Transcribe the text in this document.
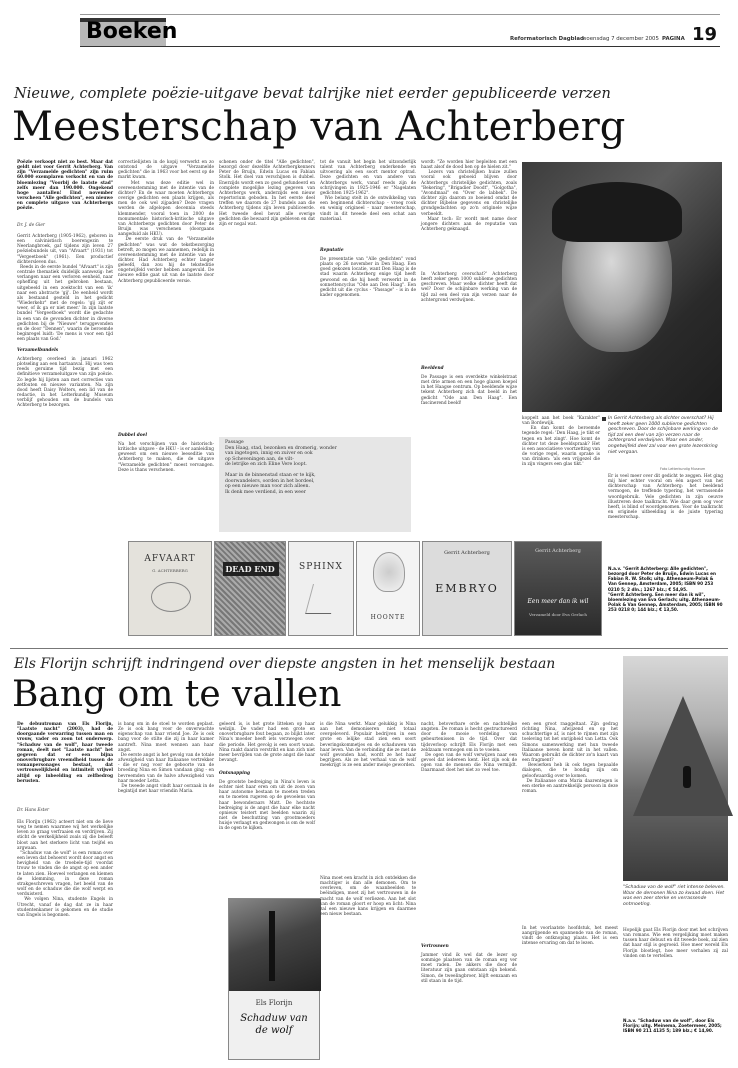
Boeken	Reformatorisch Dagblad
woensdag 7 december 2005 PAGINA 19
Nieuwe, complete poëzie-uitgave bevat talrijke niet eerder gepubliceerde verzen
Meesterschap van Achterberg
Poëzie verkoopt niet zo best. Maar dat geldt niet voor Gerrit Achterberg. Van zijn "Verzamelde gedichten" zijn ruim 60.000 exemplaren verkocht en van de bloemlezing "Voorbij de laatste stad" zelfs meer dan 190.000. Ongekend hoge aantallen! Eind november verscheen "Alle gedichten", een nieuwe en complete uitgave van Achterbergs poëzie.
Dr. J. de Gier
Gerrit Achterberg (1905-1962), geboren in een calvinistisch boerengezin te Neerlangbroek, gaf tijdens zijn leven 27 poëziebundels uit, van "Afvaart" (1931) tot "Vergeetboek" (1961). Een productief dichtersleven dus.
Reeds in de eerste bundel "Afvaart" is zijn centrale thematiek duidelijk aanwezig: het verlangen naar een verloren eenheid, naar opheffing uit het gebroken bestaan, uitgebeeld in een zoektocht van een 'ik' naar een abstracte 'gij'. De eenheid wordt als bestaand gesteld in het gedicht "Wiederkehr" met de regels: 'gij zijt er weer, of ik ga er niet meer.' In zijn laatste bundel "Vergeetboek" wordt die gedachte in een van de gevonden dichter in diverse gedichten bij de "Nieuwe" teruggevonden en de door "Dennen", waarin de beroemde beginregel luidt: 'De mens is voor een tijd een plaats van God.'
Verzamelbundels
Achterberg overleed in januari 1962 plotseling aan een hartaanval. Hij was toen reeds geruime tijd bezig met een definitieve verzameluitgave van zijn poëzie. Zo legde hij lijsten aan met correcties van zetfouten en nieuwe varianten. Na zijn dood heeft Daisy Wolters, een lid van de redactie, in het Letterkundig Museum verblijf gehouden om de bundels van Achterberg te bezorgen.
correctielijsten in de kopij verwerkt en zo ontstond de uitgave "Verzamelde gedichten" die in 1963 voor het eerst op de markt kwam.
Met was deze editie wel in overeenstemming met de intentie van de dichter? En de waar moeten Achterbergs overige gedichten een plaats krijgen, als men de ook wel zijpaden? Deze vragen werden de afgelopen decennia steeds klemmender, vooral toen in 2000 de monumentale historisch-kritische uitgave van Achterbergs gedichten door Peter de Bruijn was verschenen (doorgaans aangeduid als HKU).
De eerste druk van de "Verzamelde gedichten" was wat de tekstbezorging betreft, zo mogen we aannemen, redelijk in overeenstemming met de intentie van de dichter. Had Achterberg echter langer geleefd, dan zou hij de teksteditie ongetwijfeld verder hebben aangevuld. De nieuwe editie gaat uit van de laatste door Achterberg gepubliceerde versie.
Dubbel doel
Na het verschijnen van de historisch-kritische uitgave - de HKU - is er aanleiding geweest om een nieuwe leeseditie van Achterberg te maken, die de uitgave "Verzamelde gedichten" moest vervangen. Deze is thans verschenen.
schenen onder de titel "Alle gedichten", bezorgd door dezelfde Achterbergkenners Peter de Bruijn, Edwin Lucas en Fabian Stolk. Het doel van verschijnen is dubbel. Enerzijds wordt een zo goed gefundeerd en complete mogelijke lezing gegeven van Achterbergs werk, anderzijds een nieuw repertorium geboden. In het eerste deel treffen we daarom de 27 bundels aan die Achterberg tijdens zijn leven publiceerde. Het tweede deel bevat alle overige gedichten die bewaard zijn gebleven en dat zijn er nogal wat.
Passage
Den Haag, stad, bezonken en dromerig, wonder
van ingetogen, innig en zuiver en ook
op Scheveningen aan, de vilt-
de letrijke en zich Eline Vere loopt.

Maar in de binnenstad staan er te kijk,
doorwandelers, oorden in het bordeel,
op een nieuwe man voor zich alleen.
Ik denk mee verdiend, in een weer
tot de vanuit het begin het uitzonderlijk talent van Achterberg onderkende en uitvoering als een soort mentor optrad. Deze gedichten en van andere van Achterbergs werk, vanaf reeds zijn de schrijvingen in 1925-1946 er "Nagelaten gedichten 1925-1962".
Wie belang stelt in de ontwikkeling van een beginnend dichterschap - vroeg rook en weinig origineel - naar meesterschap, vindt in dit tweede deel een schat aan materiaal.
Reputatie
De presentatie van "Alle gedichten" vond plaats op 26 november in Den Haag. Een goed gekozen locatie, want Den Haag is de stad waarin Achterberg enige tijd heeft gewoond en die hij heeft verwerkt in de sonnettencyclus "Ode aan Den Haag". Een gedicht uit die cyclus - "Passage" - is in de kader opgenomen.
wordt: "Ze worden hier bepleiten met een haast alsof de dood hen op de hielen zit."
Lezers van christelijken huize zullen vooral ook geboeid blijven door Achterbergs christelijke gedichten, zoals "Bekering", "Brigadier Doodt", "Golgotha", "Avondmaal" en "Over de labbek". De dichter zijn daarom zo boeiend omdat de dichter Bijbelse gegevens en christelijke grondgedachten op zo'n originele wijze verbeeldt.
Maar toch: Er wordt met name door jongere dichters aan de reputatie van Achterberg geknaagd.
In 'Achterberg overschat?' Achterberg heeft zeker geen 1000 sublieme gedichten geschreven. Maar welke dichter heeft dat wel? Door de schijnbare werking van de tijd zal een deel van zijn verzen naar de achtergrond verdwijnen.
Beeldend
De Passage is een overdekte winkelstraat met drie armen en een hoge glazen koepel in het Haagse centrum. Op beeldende wijze tekent Achterberg zich dat beeld in het gedicht "Ode aan Den Haag". Een fascinerend beeld!
In Gerrit Achterberg als dichter overschat? Hij heeft zeker geen 1000 sublieme gedichten geschreven. Door de schijnbare werking van de tijd zal een deel van zijn verzen naar de achtergrond verdwijnen. Maar een ander, ongetwijfeld deel zal voor een grote lezerskring niet vergaan.
Foto Letterkundig Museum
koppelt aan het boek "Karakter" van Bordewijk.
En dan komt de beroemde tegende regel: 'Den Haag, je tikt er tegen en het zingt'. Hoe komt de dichter tot deze beeldspraak? Het is een associatieve voortzetting van de vorige regel, waarin sprake is van drinken: 'als een vrijgezel die in zijn vingers een glas tikt.'
Er is veel meer over dit gedicht te zeggen. Het ging mij hier echter vooral om één aspect van het dichterschap van Achterberg: het beeldend vermogen, de treffende typering, het verrassende woordgebruik. Vele gedichten in zijn oeuvre illustreren deze taalkracht. Wie daar gem oog voor heeft, is blind of woordgenomen. Voor de taalkracht en originele uitbeelding is de juiste typering meesterschap.
N.a.v. "Gerrit Achterberg: Alle gedichten", bezorgd door Peter de Bruijn, Edwin Lucas en Fabian R. W. Stolk; uitg. Athenaeum-Polak & Van Gennep, Amsterdam, 2005; ISBN 90 253 0210 5; 2 dln.; 1267 blz.; € 54,95.
"Gerrit Achterberg. Een meer dan ik wil", bloemlezing van Eva Gerlach; uitg. Athenaeum-Polak & Van Gennep, Amsterdam, 2005; ISBN 90 253 0218 0; 144 blz.; € 13,50.
AFVAART
G. ACHTERBERG	DEAD END	SPHINX
HOONTE
Gerrit Achterberg
EMBRYO
Gerrit Achterberg
Een meer dan ik wil
Verzameld door Eva Gerlach
Els Florijn schrijft indringend over diepste angsten in het menselijk bestaan
Bang om te vallen
De debuutroman van Els Florijn, "Laatste nacht" (2003), had de doorgaande verwarring tussen man en vrouw, vader en zoon tot onderwerp. "Schaduw van de wolf", haar tweede roman, deelt met "Laatste nacht" het gegeven dat er een bijna onoverbrugbare vreemdheid tussen de romanpersonages bestaat, dat vertrouwelijkheid en intimiteit vrijwel altijd op inbeelding en zelfbedrog berusten.
Dr. Hans Ester
Els Florijn (1962) acteert niet om de lieve weg te nemen waarmee wij het werkelijke leven zo graag verfraaien en verdrijven. Zij sticht de werkelijkheid zoals zij die beleeft bloot aan het sterkere licht van twijfel en argwaan.
"Schaduw van de wolf" is een roman over een leven dat behoerst wordt door angst en hevigheid van de troebele-tijd voordat trouw te vinden die de angst op een ander te laten zien. Hoeveel verlangen en kiemen de klemming, in deze roman strakgeschreven vragen, het beeld van de wolf en de schaduw die die wolf werpt en verduisterd.
We volgen Nina, studente Engels in Utrecht, vanaf de dag dat ze in haar studentenkamer is gekomen en de studie van Engels is begonnen.
is bang om in de stoel te worden geplast. Ze is ook bang voor de onverwachte eigenschap van haar vriend Joe. Ze is ook bang voor de stilte die zij in haar kamer aantreft. Nina moet wennen aan haar angst.
De eerste angst is het gevolg van de totale afwezigheid van haar Italiaanse vertrekker - die er nog voor de geboorte van de broeding Nina en Simon vandaan ging - en bevreemden van de halve afwezigheid van haar moeder Letta.
De tweede angst vindt haar oorzaak in de begintijd met haar vriendin Maria.
geleerd is, is het grote litteken op haar welzijn. De vader had een grote en onoverbrugbare fout begaan, zo blijkt later. Nina's moeder heeft iets verzwegen over die periode. Het gevolg is een soort waan. Nina raakt daarin verstrikt en kan zich niet meer bevrijden van de grote angst die haar bevangt.
Ontsnapping
De grootste bedreiging in Nina's leven is echter niet haar eren om uit de zoon van haar autonome bestaan te moeten treden en te moeten rugeren op de gevoelens van haar bewonderaars Matt. De hechtste bedreiging is de angst die haar elke nacht opnieuw teistert met beelden waarin zij niet de beschutting van grootmoeders huisje verlaagt en gedwongen is om de wolf in de ogen te kijken.
Els Florijn
Schaduw van de wolf
is die Nina werkt. Maar gelukkig is Nina aan het demoniseren niet totaal overgeleverd. Populair bedrijven in een grote en lelijke stad zien een soort beveringskommetjes en de schaduwen van haar leven. Van de verbinding die ze met de wolf gevonden had, wordt ze het haar begrijpen. Als ze het verhaal van de wolf meekrijgt is ze een ander meisje geworden.
Nina moet een kracht in zich ontdekken die machtiger is dan alle demonen. Om te overleven, om de waanbeelden te beëindigen, moet zij het vertrouwen in de macht van de wolf verliezen. Aan het slot van de roman gloort er hoop en licht: Nina zal een nieuwe kans krijgen en daarmee een nieuw bestaan.
nacht, betoverbare orde en nachtelijke angsten. De roman is hecht gestructureerd door de mooie verdeling van gebeurtenissen in de tijd. Over dat tijdsverloop schrijft Els Florijn met een zeldzaam vermogen om in te voelen.
De ogen van de wolf verwijzen naar een gevoel dat iedereen kent. Het zijn ook de ogen van de mensen die Nina vermijdt. Daarmaast doet het niet zo veel toe.
Vertrouwen
Jammer vind ik wel dat de lezer op sommige plaatsen van de roman erg ver moet raden. De akkers die door de literatuur zijn gaan ontstaan zijn bekend. Simon, de tweelingbroer, blijft eenzaam en stil staan in de tijd.
een een groot raaggeltaat. Zijn gedrag richting Nina, afwijzend en op het schuchtertige af, is niet te rijmen met zijn toeleving tot het onrijpheid van Letta. Ook Simons samenwerking met hun tweede Italiaanse neven komt uit in het vallen. Waarom gebruikt de dichter zo'n kaart van een fragment?
Bewierken heb ik ook tegen bepaalde dialogen, die te bondig zijn om geloofwaardig over te komen.
De Italiaanse oma Maria daarentegen is een sterke en aantrekkelijk persoon in deze roman.
In het voorlaatste hoofdstuk, het meest aangrijpende en spannende van de roman, vindt de ontknoping plaats. Het is een intense ervaring om dat te lezen.
"Schaduw van de wolf" riet intense beleven. Waar de demonen Nina zo kwaad doen. Het was een zeer sterke en verrassende ontmoeting.
Hopelijk gaat Els Florijn door met het schrijven van romans. Wie een vergelijking moet maken tussen haar debuut en dit tweede boek, zal zien dat haar stijl is gegroeid. Hoe meer wereld Els Florijn blootlegt, hoe meer verhalen zij zal vinden om te vertellen.
N.a.v. "Schaduw van de wolf", door Els Florijn; uitg. Meinema, Zoetermeer, 2005; ISBN 90 211 4135 5; 189 blz.; € 14,90.
